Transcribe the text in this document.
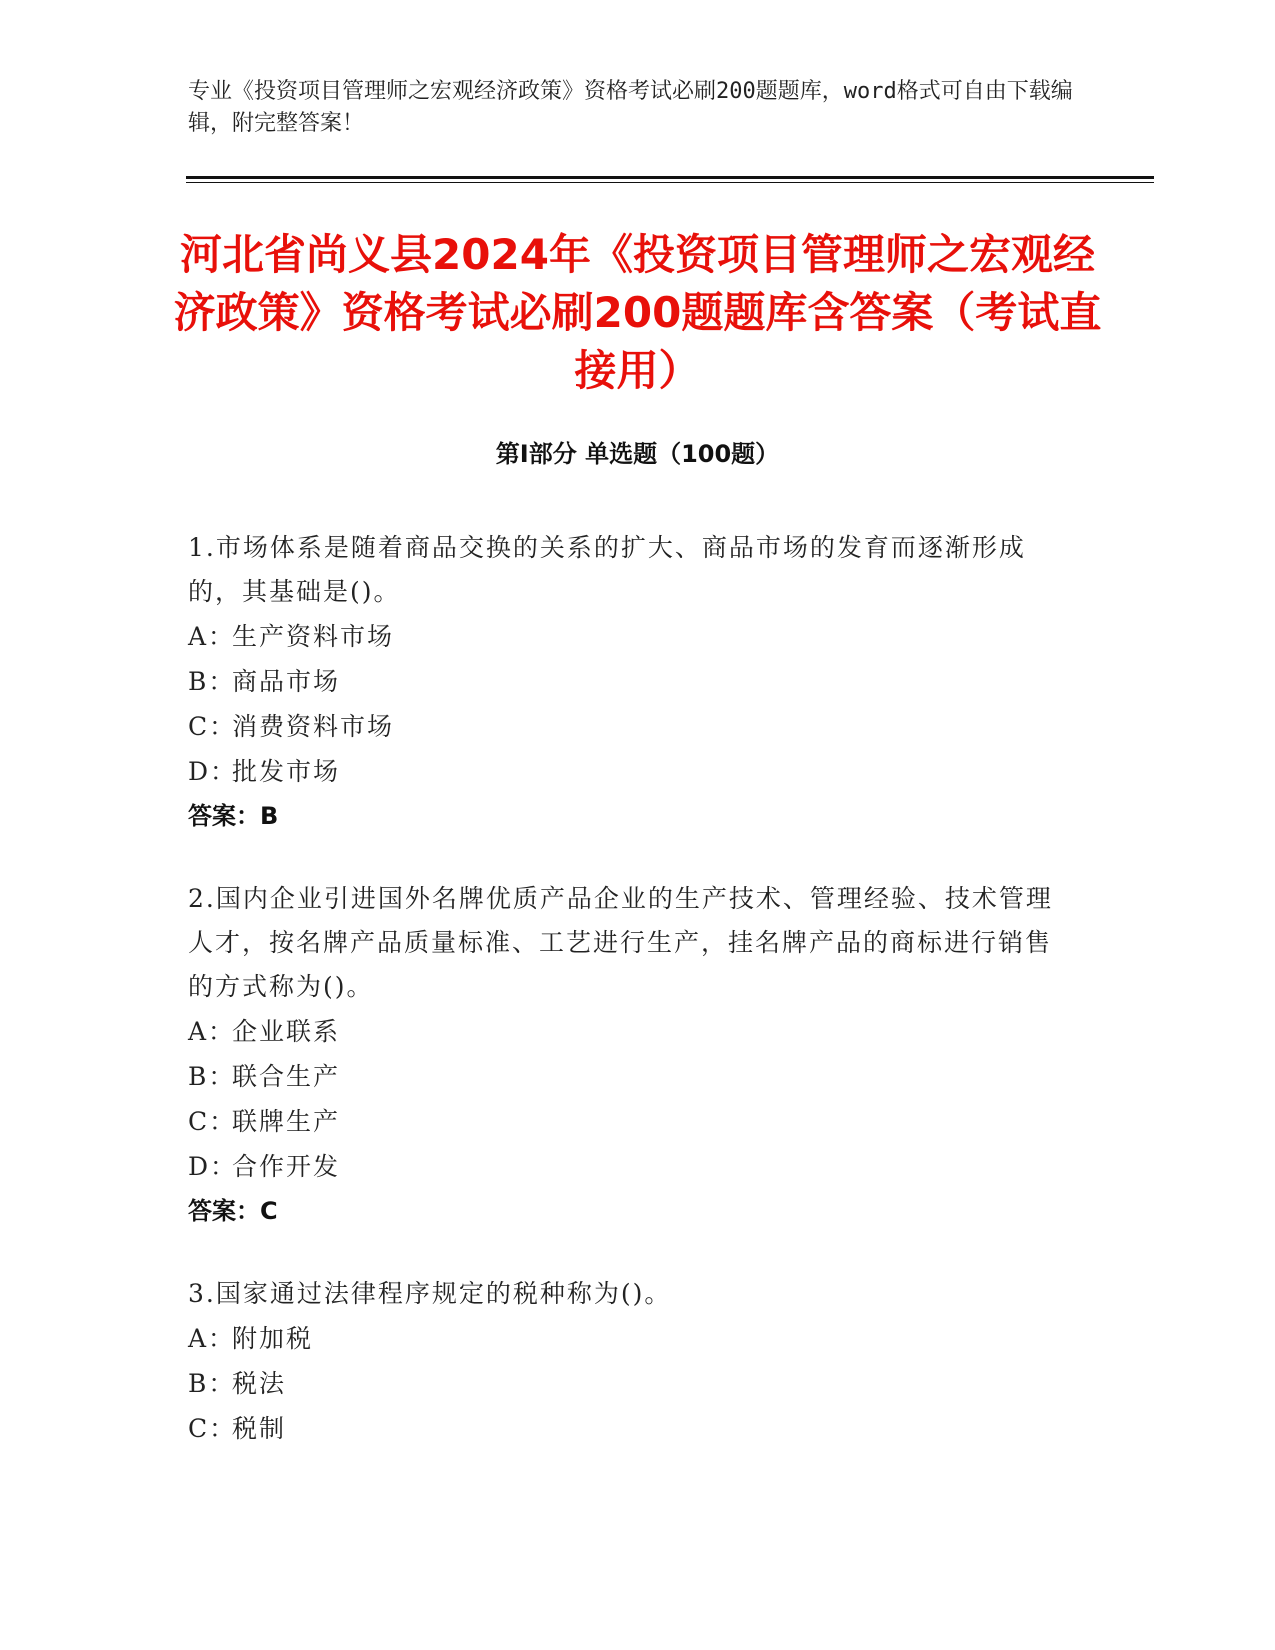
专业《投资项目管理师之宏观经济政策》资格考试必刷200题题库，word格式可自由下载编辑，附完整答案！
河北省尚义县2024年《投资项目管理师之宏观经济政策》资格考试必刷200题题库含答案（考试直接用）
第Ⅰ部分 单选题（100题）
1.市场体系是随着商品交换的关系的扩大、商品市场的发育而逐渐形成的，其基础是()。
A：生产资料市场
B：商品市场
C：消费资料市场
D：批发市场
答案：B
2.国内企业引进国外名牌优质产品企业的生产技术、管理经验、技术管理人才，按名牌产品质量标准、工艺进行生产，挂名牌产品的商标进行销售的方式称为()。
A：企业联系
B：联合生产
C：联牌生产
D：合作开发
答案：C
3.国家通过法律程序规定的税种称为()。
A：附加税
B：税法
C：税制
